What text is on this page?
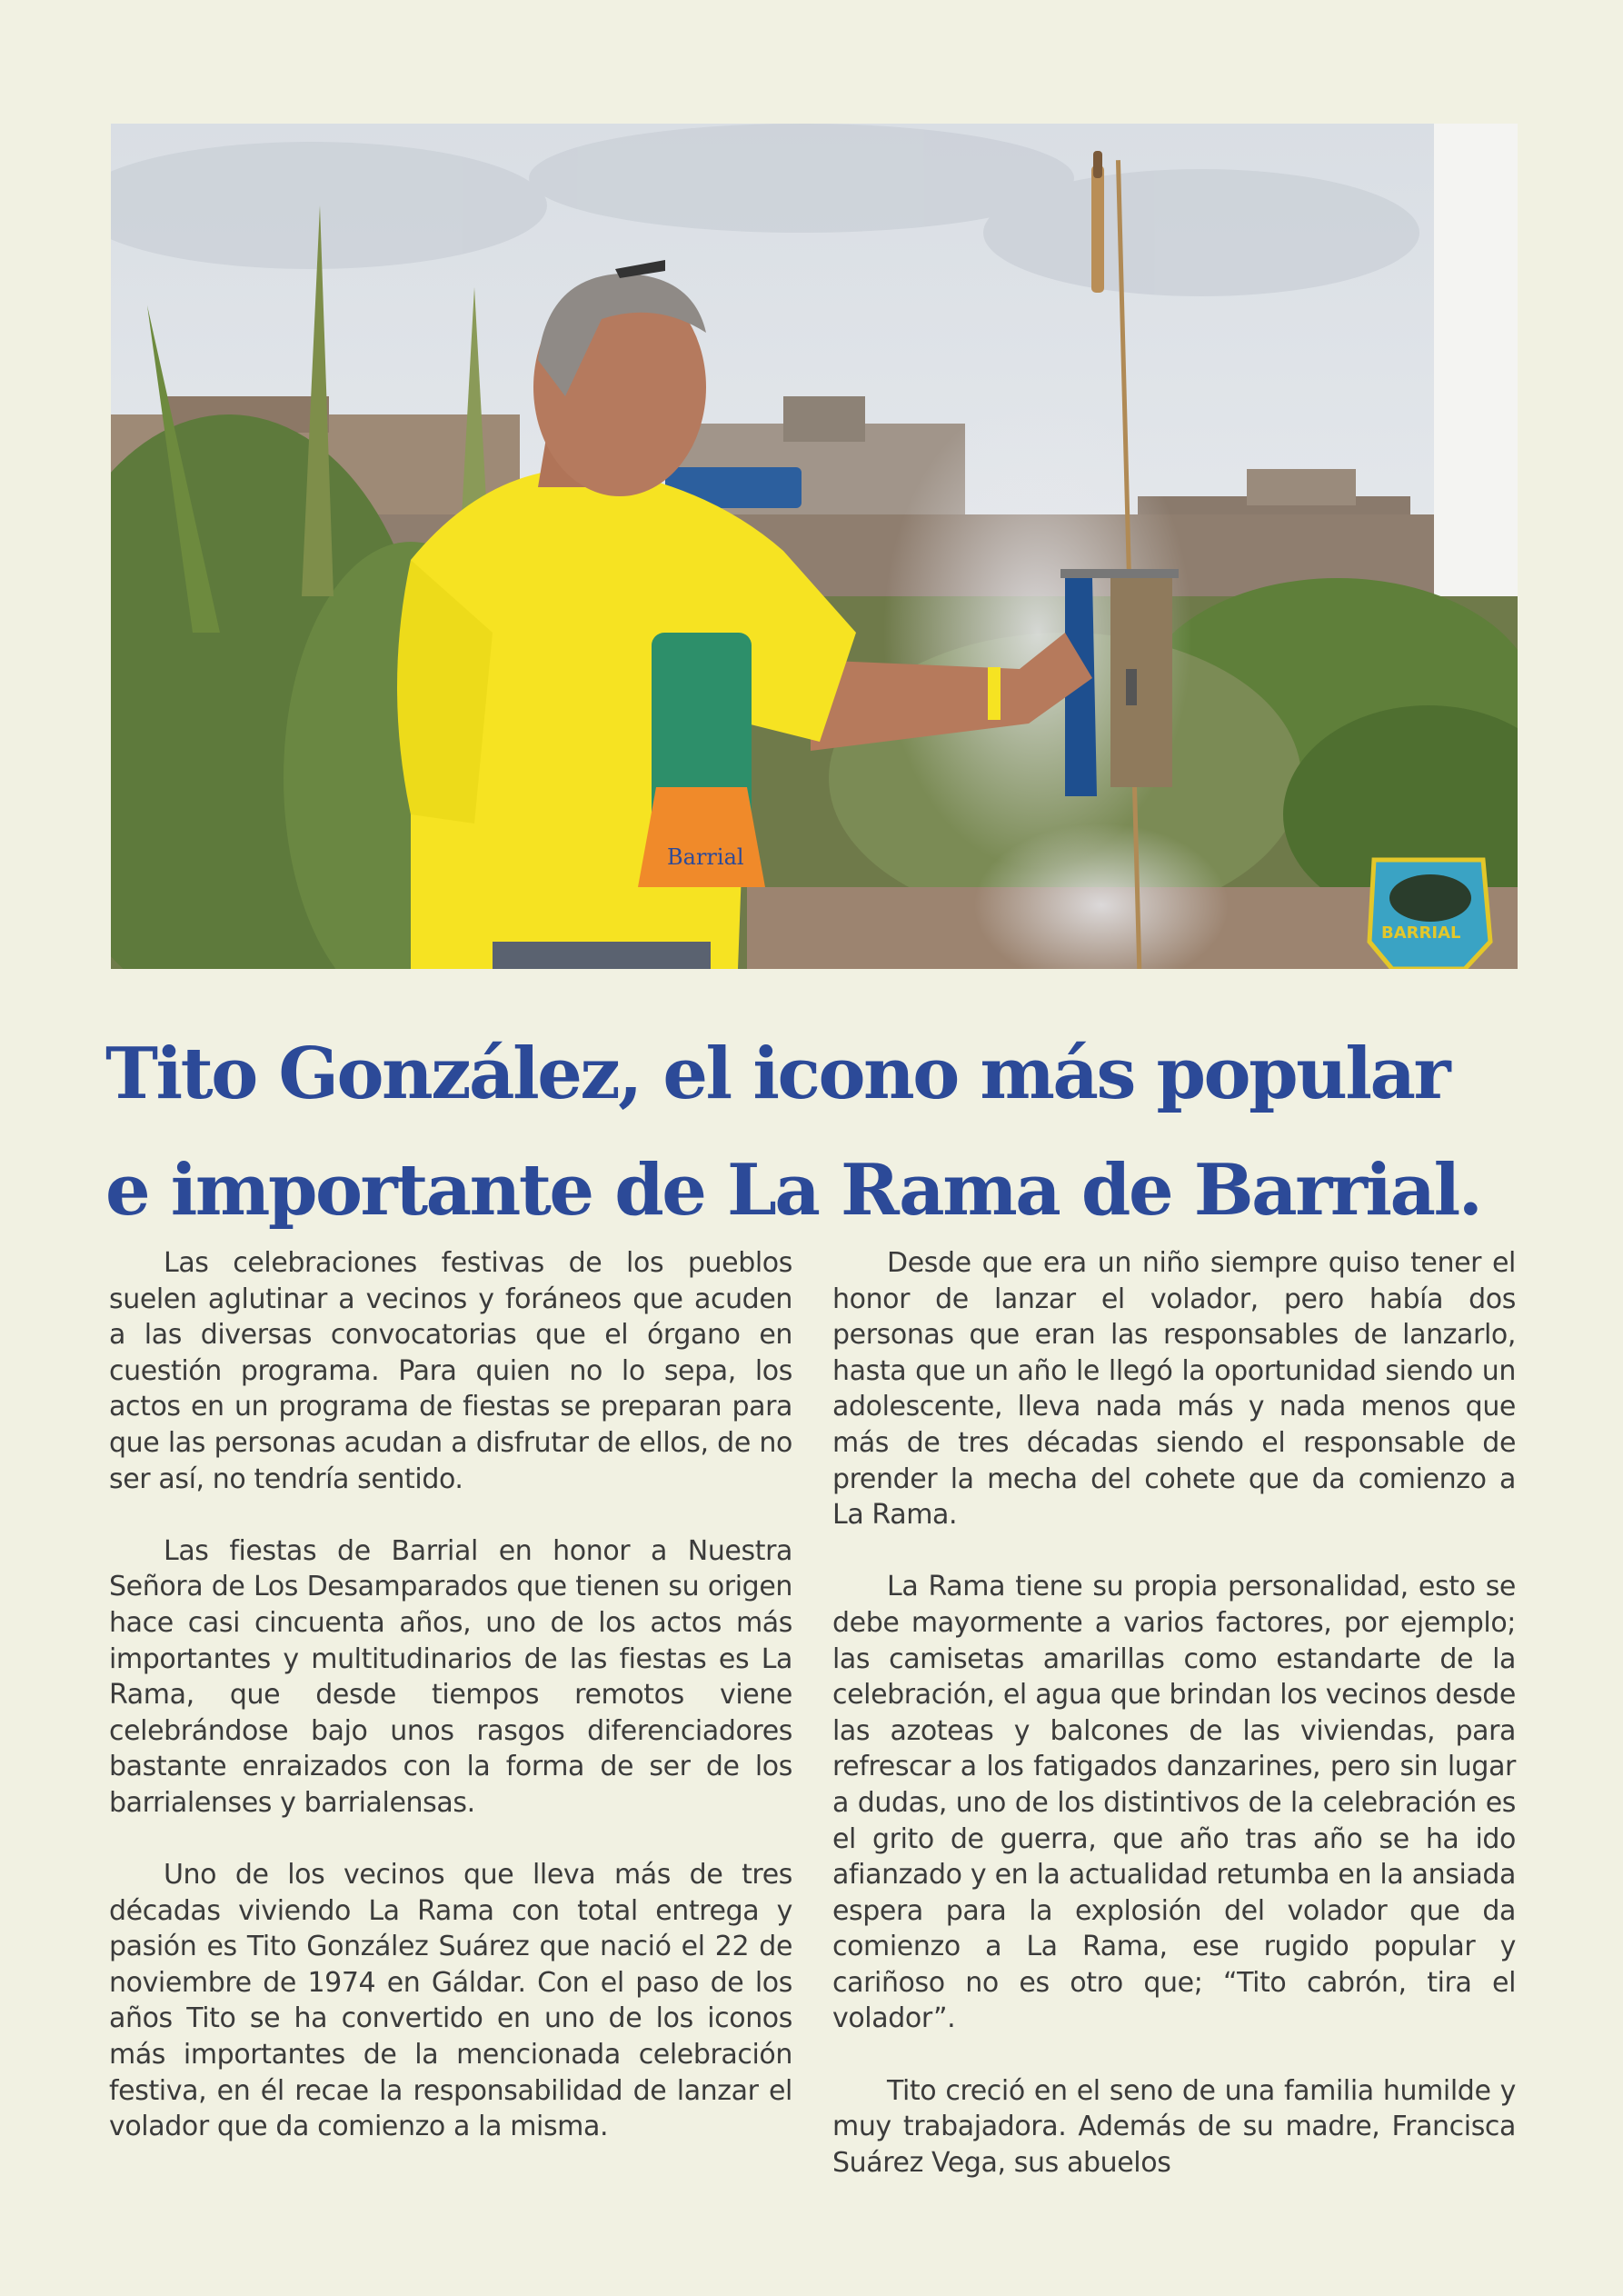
Barrial
BARRIAL
Tito González, el icono más popular
e importante de La Rama de Barrial.

Las celebraciones festivas de los pueblos suelen aglutinar a vecinos y foráneos que acuden a las diversas convocatorias que el órgano en cuestión programa. Para quien no lo sepa, los actos en un programa de fiestas se preparan para que las personas acudan a disfrutar de ellos, de no ser así, no tendría sentido.

Las fiestas de Barrial en honor a Nuestra Señora de Los Desamparados que tienen su origen hace casi cincuenta años, uno de los actos más importantes y multitudinarios de las fiestas es La Rama, que desde tiempos remotos viene celebrándose bajo unos rasgos diferenciadores bastante enraizados con la forma de ser de los barrialenses y barrialensas.

Uno de los vecinos que lleva más de tres décadas viviendo La Rama con total entrega y pasión es Tito González Suárez que nació el 22 de noviembre de 1974 en Gáldar. Con el paso de los años Tito se ha convertido en uno de los iconos más importantes de la mencionada celebración festiva, en él recae la responsabilidad de lanzar el volador que da comienzo a la misma.

Desde que era un niño siempre quiso tener el honor de lanzar el volador, pero había dos personas que eran las responsables de lanzarlo, hasta que un año le llegó la oportunidad siendo un adolescente, lleva nada más y nada menos que más de tres décadas siendo el responsable de prender la mecha del cohete que da comienzo a La Rama.

La Rama tiene su propia personalidad, esto se debe mayormente a varios factores, por ejemplo; las camisetas amarillas como estandarte de la celebración, el agua que brindan los vecinos desde las azoteas y balcones de las viviendas, para refrescar a los fatigados danzarines, pero sin lugar a dudas, uno de los distintivos de la celebración es el grito de guerra, que año tras año se ha ido afianzado y en la actualidad retumba en la ansiada espera para la explosión del volador que da comienzo a La Rama, ese rugido popular y cariñoso no es otro que; “Tito cabrón, tira el volador”.

Tito creció en el seno de una familia humilde y muy trabajadora. Además de su madre, Francisca Suárez Vega, sus abuelos
